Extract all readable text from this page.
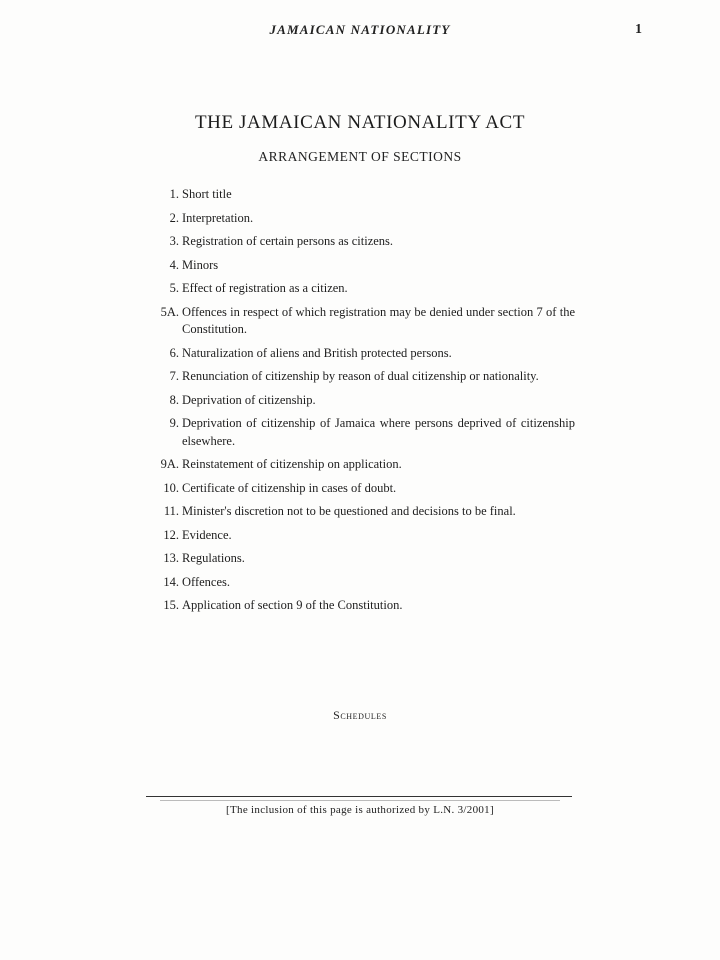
JAMAICAN NATIONALITY	1
THE JAMAICAN NATIONALITY ACT
ARRANGEMENT OF SECTIONS
1. Short title
2. Interpretation.
3. Registration of certain persons as citizens.
4. Minors
5. Effect of registration as a citizen.
5A. Offences in respect of which registration may be denied under section 7 of the Constitution.
6. Naturalization of aliens and British protected persons.
7. Renunciation of citizenship by reason of dual citizenship or nationality.
8. Deprivation of citizenship.
9. Deprivation of citizenship of Jamaica where persons deprived of citizenship elsewhere.
9A. Reinstatement of citizenship on application.
10. Certificate of citizenship in cases of doubt.
11. Minister's discretion not to be questioned and decisions to be final.
12. Evidence.
13. Regulations.
14. Offences.
15. Application of section 9 of the Constitution.
Schedules
[The inclusion of this page is authorized by L.N. 3/2001]
